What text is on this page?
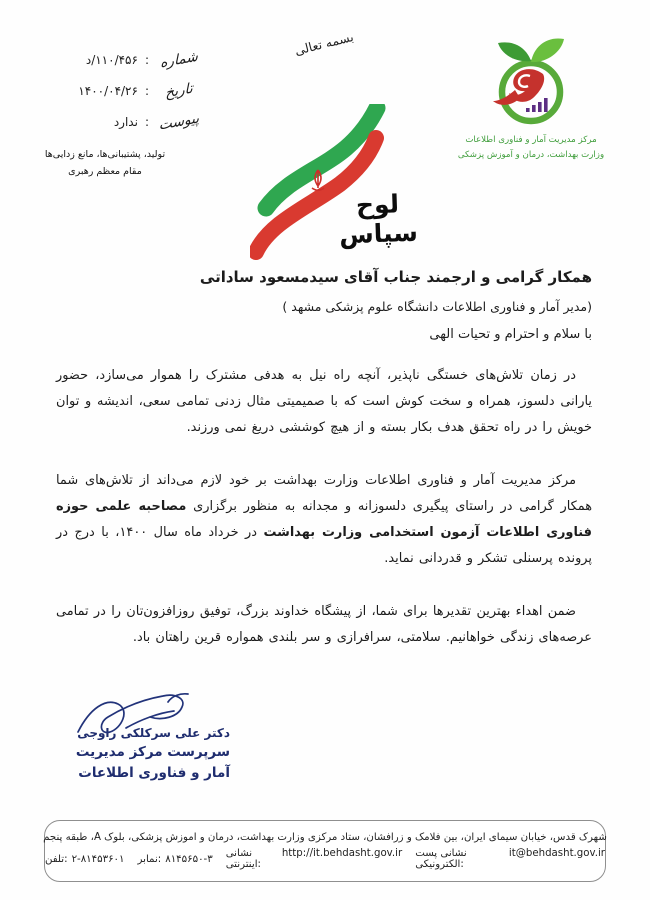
شماره
:
۱۱۰/۴۵۶/د
تاریخ
:
۱۴۰۰/۰۴/۲۶
پیوست
:
ندارد
تولید، پشتیبانی‌ها، مانع زدایی‌ها
مقام معظم رهبری
بسمه تعالی
مرکز مدیریت آمار و فناوری اطلاعات
وزارت بهداشت، درمان و آموزش پزشکی
لوح سپاس

همکار گرامی و ارجمند جناب آقای سیدمسعود ساداتی

(مدیر آمار و فناوری اطلاعات دانشگاه علوم پزشکی مشهد )

با سلام و احترام و تحیات الهی

در زمان تلاش‌های خستگی ناپذیر، آنچه راه نیل به هدفی مشترک را هموار می‌سازد، حضور یارانی دلسوز، همراه و سخت کوش است که با صمیمیتی مثال زدنی تمامی سعی، اندیشه و توان خویش را در راه تحقق هدف بکار بسته و از هیچ کوششی دریغ نمی ورزند.

مرکز مدیریت آمار و فناوری اطلاعات وزارت بهداشت بر خود لازم می‌داند از تلاش‌های شما همکار گرامی در راستای پیگیری دلسوزانه و مجدانه به منظور برگزاری مصاحبه علمی حوزه فناوری اطلاعات آزمون استخدامی وزارت بهداشت در خرداد ماه سال ۱۴۰۰، با درج در پرونده پرسنلی تشکر و قدردانی نماید.

ضمن اهداء بهترین تقدیرها برای شما، از پیشگاه خداوند بزرگ، توفیق روزافزون‌تان را در تمامی عرصه‌های زندگی خواهانیم. سلامتی، سرافرازی و سر بلندی همواره قرین راهتان باد.

دکتر علی سرکلکی راوجی
سرپرست مرکز مدیریت
آمار و فناوری اطلاعات
شهرک قدس، خیابان سیمای ایران، بین فلامک و زرافشان، ستاد مرکزی وزارت بهداشت، درمان و اموزش پزشکی، بلوک A، طبقه پنجم
تلفن: ۲-۸۱۴۵۳۶۰۱ نمابر: ۸۱۴۵۶۵۰-۳ نشانی اینترنتی:
http://it.behdasht.gov.ir نشانی پست الکترونیکی:
it@behdasht.gov.ir
